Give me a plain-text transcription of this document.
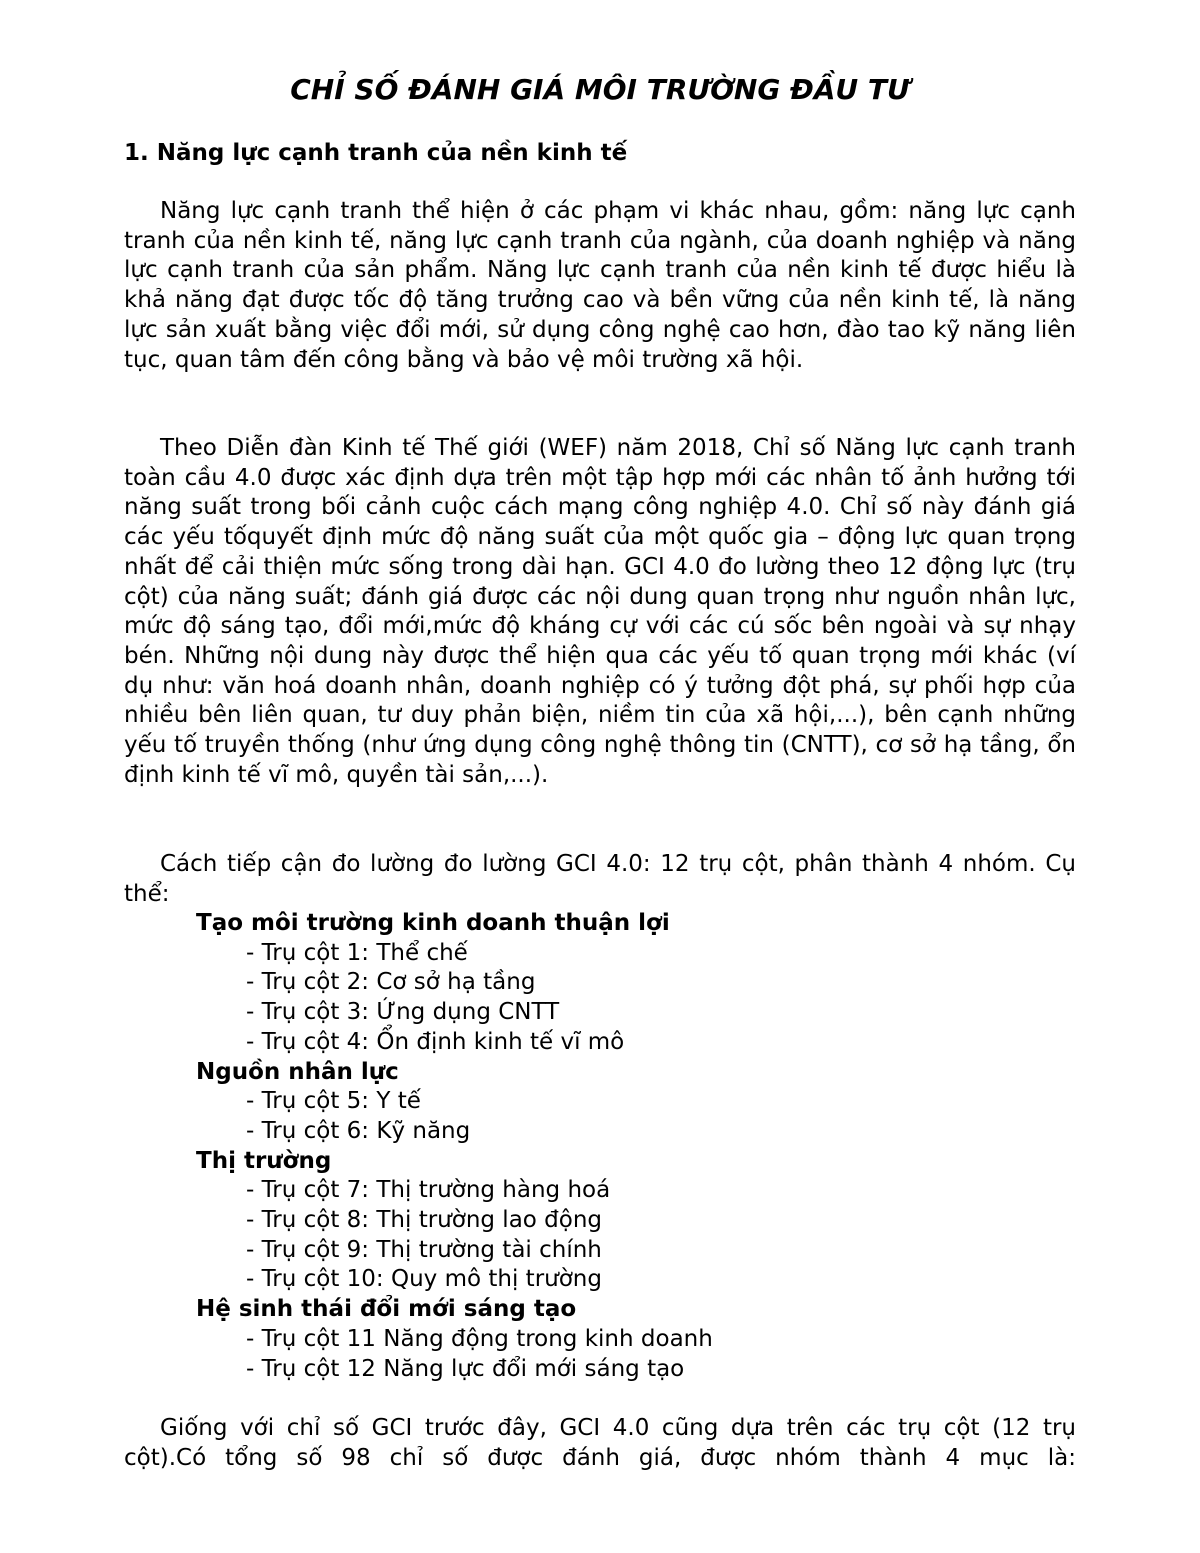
CHỈ SỐ ĐÁNH GIÁ MÔI TRƯỜNG ĐẦU TƯ
1. Năng lực cạnh tranh của nền kinh tế

Năng lực cạnh tranh thể hiện ở các phạm vi khác nhau, gồm: năng lực cạnh tranh của nền kinh tế, năng lực cạnh tranh của ngành, của doanh nghiệp và năng lực cạnh tranh của sản phẩm. Năng lực cạnh tranh của nền kinh tế được hiểu là khả năng đạt được tốc độ tăng trưởng cao và bền vững của nền kinh tế, là năng lực sản xuất bằng việc đổi mới, sử dụng công nghệ cao hơn, đào tao kỹ năng liên tục, quan tâm đến công bằng và bảo vệ môi trường xã hội.

Theo Diễn đàn Kinh tế Thế giới (WEF) năm 2018, Chỉ số Năng lực cạnh tranh toàn cầu 4.0 được xác định dựa trên một tập hợp mới các nhân tố ảnh hưởng tới năng suất trong bối cảnh cuộc cách mạng công nghiệp 4.0. Chỉ số này đánh giá các yếu tốquyết định mức độ năng suất của một quốc gia – động lực quan trọng nhất để cải thiện mức sống trong dài hạn. GCI 4.0 đo lường theo 12 động lực (trụ cột) của năng suất; đánh giá được các nội dung quan trọng như nguồn nhân lực, mức độ sáng tạo, đổi mới,mức độ kháng cự với các cú sốc bên ngoài và sự nhạy bén. Những nội dung này được thể hiện qua các yếu tố quan trọng mới khác (ví dụ như: văn hoá doanh nhân, doanh nghiệp có ý tưởng đột phá, sự phối hợp của nhiều bên liên quan, tư duy phản biện, niềm tin của xã hội,...), bên cạnh những yếu tố truyền thống (như ứng dụng công nghệ thông tin (CNTT), cơ sở hạ tầng, ổn định kinh tế vĩ mô, quyền tài sản,...).

Cách tiếp cận đo lường đo lường GCI 4.0: 12 trụ cột, phân thành 4 nhóm. Cụ thể:

Tạo môi trường kinh doanh thuận lợi

- Trụ cột 1: Thể chế

- Trụ cột 2: Cơ sở hạ tầng

- Trụ cột 3: Ứng dụng CNTT

- Trụ cột 4: Ổn định kinh tế vĩ mô

Nguồn nhân lực

- Trụ cột 5: Y tế

- Trụ cột 6: Kỹ năng

Thị trường

- Trụ cột 7: Thị trường hàng hoá

- Trụ cột 8: Thị trường lao động

- Trụ cột 9: Thị trường tài chính

- Trụ cột 10: Quy mô thị trường

Hệ sinh thái đổi mới sáng tạo

- Trụ cột 11 Năng động trong kinh doanh

- Trụ cột 12 Năng lực đổi mới sáng tạo

Giống với chỉ số GCI trước đây, GCI 4.0 cũng dựa trên các trụ cột (12 trụ cột).Có tổng số 98 chỉ số được đánh giá, được nhóm thành 4 mục là:
